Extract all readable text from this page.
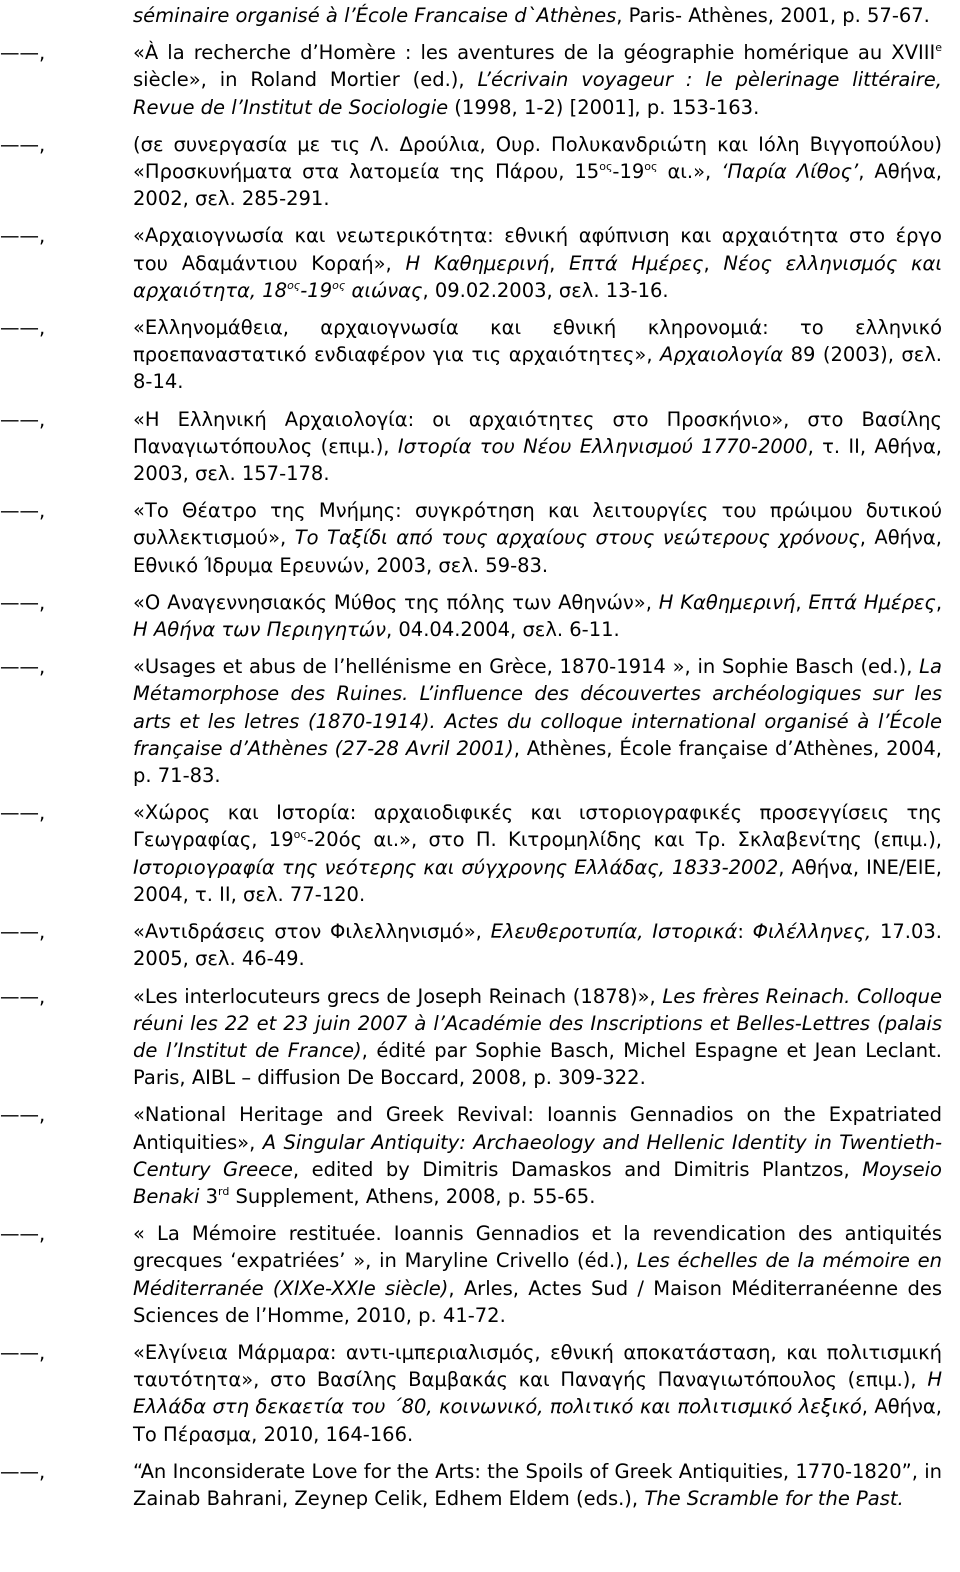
séminaire organisé à l’École Francaise d`Athènes, Paris- Athènes, 2001, p. 57-67.
——,	«À la recherche d’Homère : les aventures de la géographie homérique au XVIIIe siècle», in Roland Mortier (ed.), L’écrivain voyageur : le pèlerinage littéraire, Revue de l’Institut de Sociologie (1998, 1-2) [2001], p. 153-163.
——,	(σε συνεργασία με τις Λ. Δρούλια, Ουρ. Πολυκανδριώτη και Ιόλη Βιγγοπούλου) «Προσκυνήματα στα λατομεία της Πάρου, $15^{o\varsigma}-19^{o\varsigma}$ αι.», ‘Παρία Λίθος’, Αθήνα, 2002, σελ. 285-291.
——,	«Αρχαιογνωσία και νεωτερικότητα: εθνική αφύπνιση και αρχαιότητα στο έργο του Αδαμάντιου Κοραή», Η Καθημερινή, Επτά Ημέρες, Νέος ελληνισμός και αρχαιότητα, $18^{o\varsigma}-19^{o\varsigma}$ αιώνας, 09.02.2003, σελ. 13-16.
——,	«Ελληνομάθεια, αρχαιογνωσία και εθνική κληρονομιά: το ελληνικό προεπαναστατικό ενδιαφέρον για τις αρχαιότητες», Αρχαιολογία 89 (2003), σελ. 8-14.
——,	«Η Ελληνική Αρχαιολογία: οι αρχαιότητες στο Προσκήνιο», στο Βασίλης Παναγιωτόπουλος (επιμ.), Ιστορία του Νέου Ελληνισμού 1770-2000, τ. ΙΙ, Αθήνα, 2003, σελ. 157-178.
——,	«Το Θέατρο της Μνήμης: συγκρότηση και λειτουργίες του πρώιμου δυτικού συλλεκτισμού», Το Ταξίδι από τους αρχαίους στους νεώτερους χρόνους, Αθήνα, Εθνικό Ίδρυμα Ερευνών, 2003, σελ. 59-83.
——,	«Ο Αναγεννησιακός Μύθος της πόλης των Αθηνών», Η Καθημερινή, Επτά Ημέρες, Η Αθήνα των Περιηγητών, 04.04.2004, σελ. 6-11.
——,	«Usages et abus de l’hellénisme en Grèce, 1870-1914 », in Sophie Basch (ed.), La Métamorphose des Ruines. L’influence des découvertes archéologiques sur les arts et les letres (1870-1914). Actes du colloque international organisé à l’École française d’Athènes (27-28 Avril 2001), Athènes, École française d’Athènes, 2004, p. 71-83.
——,	«Χώρος και Ιστορία: αρχαιοδιφικές και ιστοριογραφικές προσεγγίσεις της Γεωγραφίας, $19^{o\varsigma}-20ό\varsigma$ αι.», στο Π. Κιτρομηλίδης και Τρ. Σκλαβενίτης (επιμ.), Ιστοριογραφία της νεότερης και σύγχρονης Ελλάδας, 1833-2002, Αθήνα, ΙΝΕ/ΕΙΕ, 2004, τ. ΙΙ, σελ. 77-120.
——,	«Αντιδράσεις στον Φιλελληνισμό», Ελευθεροτυπία, Ιστορικά: Φιλέλληνες, 17.03. 2005, σελ. 46-49.
——,	«Les interlocuteurs grecs de Joseph Reinach (1878)», Les frères Reinach. Colloque réuni les 22 et 23 juin 2007 à l’Académie des Inscriptions et Belles-Lettres (palais de l’Institut de France), édité par Sophie Basch, Michel Espagne et Jean Leclant. Paris, AIBL – diffusion De Boccard, 2008, p. 309-322.
——,	«National Heritage and Greek Revival: Ioannis Gennadios on the Expatriated Antiquities», A Singular Antiquity: Archaeology and Hellenic Identity in Twentieth-Century Greece, edited by Dimitris Damaskos and Dimitris Plantzos, Moyseio Benaki 3rd Supplement, Athens, 2008, p. 55-65.
——,	« La Mémoire restituée. Ioannis Gennadios et la revendication des antiquités grecques ‘expatriées’ », in Maryline Crivello (éd.), Les échelles de la mémoire en Méditerranée (XIXe-XXIe siècle), Arles, Actes Sud / Maison Méditerranéenne des Sciences de l’Homme, 2010, p. 41-72.
——,	«Ελγίνεια Μάρμαρα: αντι-ιμπεριαλισμός, εθνική αποκατάσταση, και πολιτισμική ταυτότητα», στο Βασίλης Βαμβακάς και Παναγής Παναγιωτόπουλος (επιμ.), Η Ελλάδα στη δεκαετία του ΄80, κοινωνικό, πολιτικό και πολιτισμικό λεξικό, Αθήνα, Το Πέρασμα, 2010, 164-166.
——,	“An Inconsiderate Love for the Arts: the Spoils of Greek Antiquities, 1770-1820”, in Zainab Bahrani, Zeynep Celik, Edhem Eldem (eds.), The Scramble for the Past.
